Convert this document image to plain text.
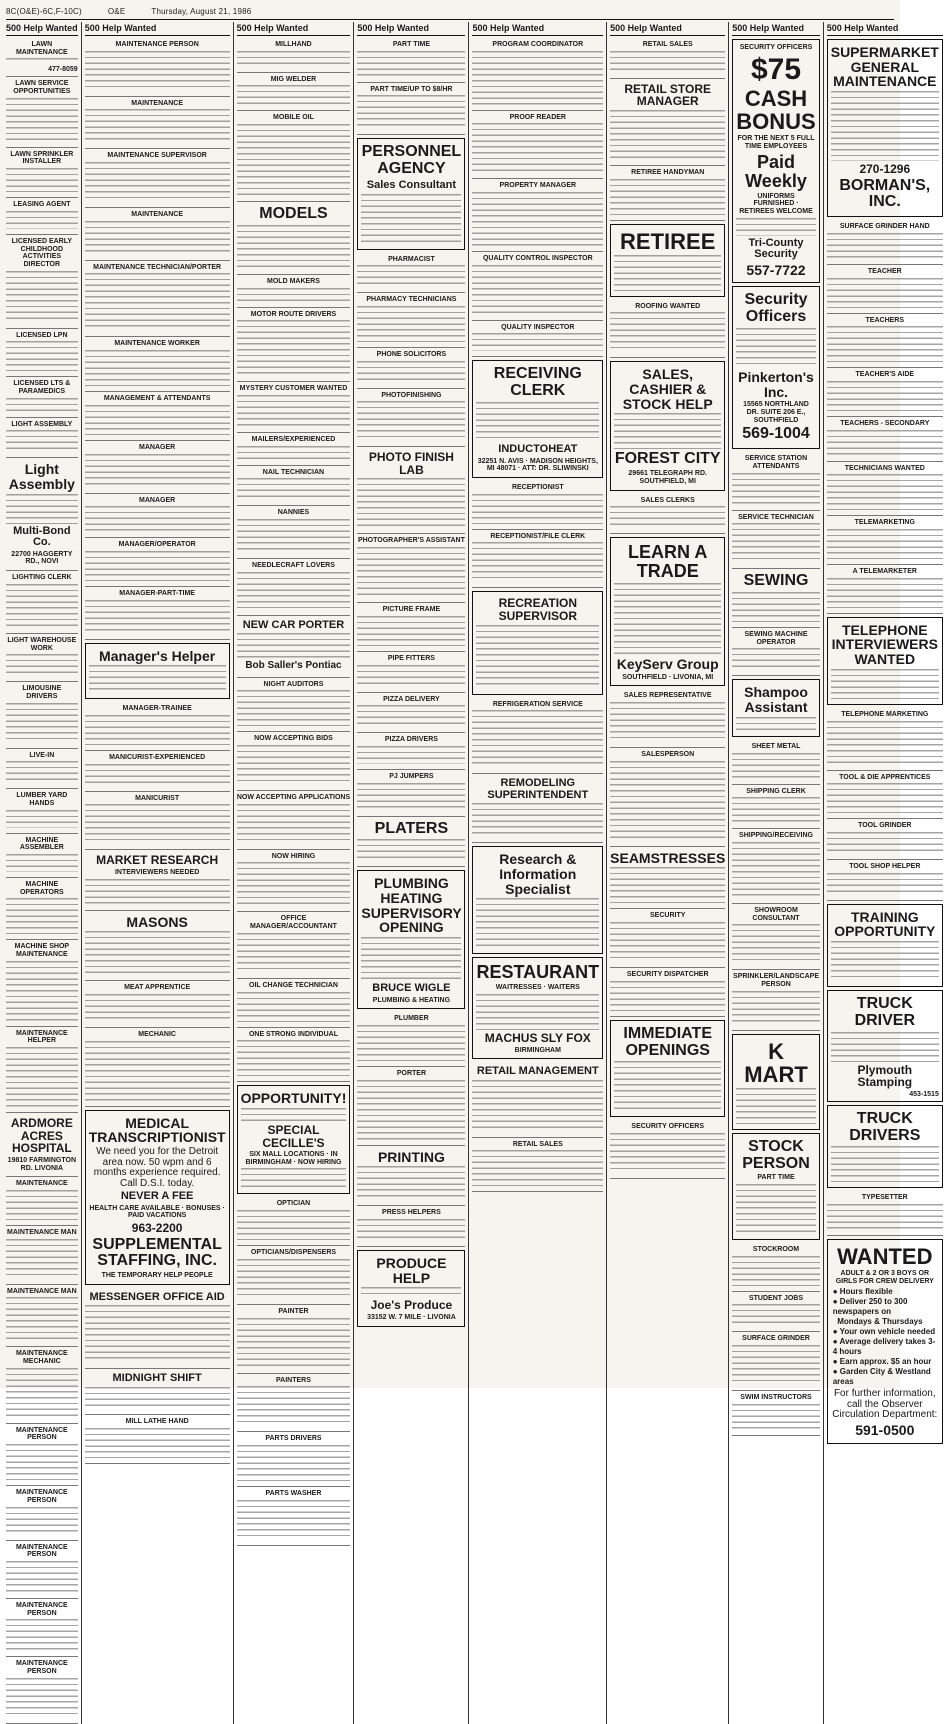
8C(O&E)-6C,F-10C)	O&E	Thursday, August 21, 1986
500 Help Wanted
LAWN MAINTENANCE
477-8059
LAWN SERVICE OPPORTUNITIES
LAWN SPRINKLER INSTALLER
LEASING AGENT
LICENSED EARLY CHILDHOOD ACTIVITIES DIRECTOR
LICENSED LPN
LICENSED LTS & PARAMEDICS
LIGHT ASSEMBLY
Light Assembly
Multi-Bond Co.
22700 HAGGERTY RD., NOVI
LIGHTING CLERK
LIGHT WAREHOUSE WORK
LIMOUSINE DRIVERS
LIVE-IN
LUMBER YARD HANDS
MACHINE ASSEMBLER
MACHINE OPERATORS
MACHINE SHOP MAINTENANCE
MAINTENANCE HELPER
ARDMORE ACRES HOSPITAL
19810 FARMINGTON RD. LIVONIA
MAINTENANCE
MAINTENANCE MAN
MAINTENANCE MAN
MAINTENANCE MECHANIC
MAINTENANCE PERSON
MAINTENANCE PERSON
MAINTENANCE PERSON
MAINTENANCE PERSON
MAINTENANCE PERSON
500 Help Wanted
MAINTENANCE PERSON
MAINTENANCE
MAINTENANCE SUPERVISOR
MAINTENANCE
MAINTENANCE TECHNICIAN/PORTER
MAINTENANCE WORKER
MANAGEMENT & ATTENDANTS
MANAGER
MANAGER
MANAGER/OPERATOR
MANAGER-PART-TIME
Manager's Helper
MANAGER-TRAINEE
MANICURIST-EXPERIENCED
MANICURIST
MARKET RESEARCH
INTERVIEWERS NEEDED
MASONS
MEAT APPRENTICE
MECHANIC
MEDICAL TRANSCRIPTIONIST
We need you for the Detroit area now. 50 wpm and 6 months experience required. Call D.S.I. today.
NEVER A FEE
HEALTH CARE AVAILABLE · BONUSES · PAID VACATIONS
963-2200
SUPPLEMENTAL STAFFING, INC.
THE TEMPORARY HELP PEOPLE
MESSENGER OFFICE AID
MIDNIGHT SHIFT
MILL LATHE HAND
500 Help Wanted
MILLHAND
MIG WELDER
MOBILE OIL
MODELS
MOLD MAKERS
MOTOR ROUTE DRIVERS
MYSTERY CUSTOMER WANTED
MAILERS/EXPERIENCED
NAIL TECHNICIAN
NANNIES
NEEDLECRAFT LOVERS
NEW CAR PORTER
Bob Saller's Pontiac
NIGHT AUDITORS
NOW ACCEPTING BIDS
NOW ACCEPTING APPLICATIONS
NOW HIRING
OFFICE MANAGER/ACCOUNTANT
OIL CHANGE TECHNICIAN
ONE STRONG INDIVIDUAL
OPPORTUNITY!
SPECIAL CECILLE'S
SIX MALL LOCATIONS · IN BIRMINGHAM · NOW HIRING
OPTICIAN
OPTICIANS/DISPENSERS
PAINTER
PAINTERS
PARTS DRIVERS
PARTS WASHER
500 Help Wanted
PART TIME
PART TIME/UP TO $8/HR
PERSONNEL AGENCY
Sales Consultant
PHARMACIST
PHARMACY TECHNICIANS
PHONE SOLICITORS
PHOTOFINISHING
PHOTO FINISH LAB
PHOTOGRAPHER'S ASSISTANT
PICTURE FRAME
PIPE FITTERS
PIZZA DELIVERY
PIZZA DRIVERS
PJ JUMPERS
PLATERS
PLUMBING HEATING SUPERVISORY OPENING
BRUCE WIGLE
PLUMBING & HEATING
PLUMBER
PORTER
PRINTING
PRESS HELPERS
PRODUCE HELP
Joe's Produce
33152 W. 7 MILE · LIVONIA
500 Help Wanted
PROGRAM COORDINATOR
PROOF READER
PROPERTY MANAGER
QUALITY CONTROL INSPECTOR
QUALITY INSPECTOR
RECEIVING CLERK
INDUCTOHEAT
32251 N. AVIS · MADISON HEIGHTS, MI 48071 · ATT: DR. SLIWINSKI
RECEPTIONIST
RECEPTIONIST/FILE CLERK
RECREATION SUPERVISOR
REFRIGERATION SERVICE
REMODELING SUPERINTENDENT
Research & Information Specialist
RESTAURANT
WAITRESSES · WAITERS
MACHUS SLY FOX
BIRMINGHAM
RETAIL MANAGEMENT
RETAIL SALES
500 Help Wanted
RETAIL SALES
RETAIL STORE MANAGER
RETIREE HANDYMAN
RETIREE
ROOFING WANTED
SALES, CASHIER & STOCK HELP
FOREST CITY
29661 TELEGRAPH RD. SOUTHFIELD, MI
SALES CLERKS
LEARN A TRADE
KeyServ Group
SOUTHFIELD · LIVONIA, MI
SALES REPRESENTATIVE
SALESPERSON
SEAMSTRESSES
SECURITY
SECURITY DISPATCHER
IMMEDIATE OPENINGS
SECURITY OFFICERS
500 Help Wanted
SECURITY OFFICERS
$75
CASH BONUS
FOR THE NEXT 5 FULL TIME EMPLOYEES
Paid Weekly
UNIFORMS FURNISHED · RETIREES WELCOME
Tri-County Security
557-7722
Security Officers
Pinkerton's Inc.
15565 NORTHLAND DR. SUITE 206 E., SOUTHFIELD
569-1004
SERVICE STATION ATTENDANTS
SERVICE TECHNICIAN
SEWING
SEWING MACHINE OPERATOR
Shampoo Assistant
SHEET METAL
SHIPPING CLERK
SHIPPING/RECEIVING
SHOWROOM CONSULTANT
SPRINKLER/LANDSCAPE PERSON
K MART
STOCK PERSON
PART TIME
STOCKROOM
STUDENT JOBS
SURFACE GRINDER
SWIM INSTRUCTORS
500 Help Wanted
SUPERMARKET GENERAL MAINTENANCE
270-1296
BORMAN'S, INC.
SURFACE GRINDER HAND
TEACHER
TEACHERS
TEACHER'S AIDE
TEACHERS - SECONDARY
TECHNICIANS WANTED
TELEMARKETING
A TELEMARKETER
TELEPHONE INTERVIEWERS WANTED
TELEPHONE MARKETING
TOOL & DIE APPRENTICES
TOOL GRINDER
TOOL SHOP HELPER
TRAINING OPPORTUNITY
TRUCK DRIVER
Plymouth Stamping
453-1515
TRUCK DRIVERS
TYPESETTER
WANTED
ADULT & 2 OR 3 BOYS OR GIRLS FOR CREW DELIVERY
● Hours flexible
● Deliver 250 to 300 newspapers on
Mondays & Thursdays
● Your own vehicle needed
● Average delivery takes 3-4 hours
● Earn approx. $5 an hour
● Garden City & Westland areas
For further information, call the Observer Circulation Department:
591-0500
